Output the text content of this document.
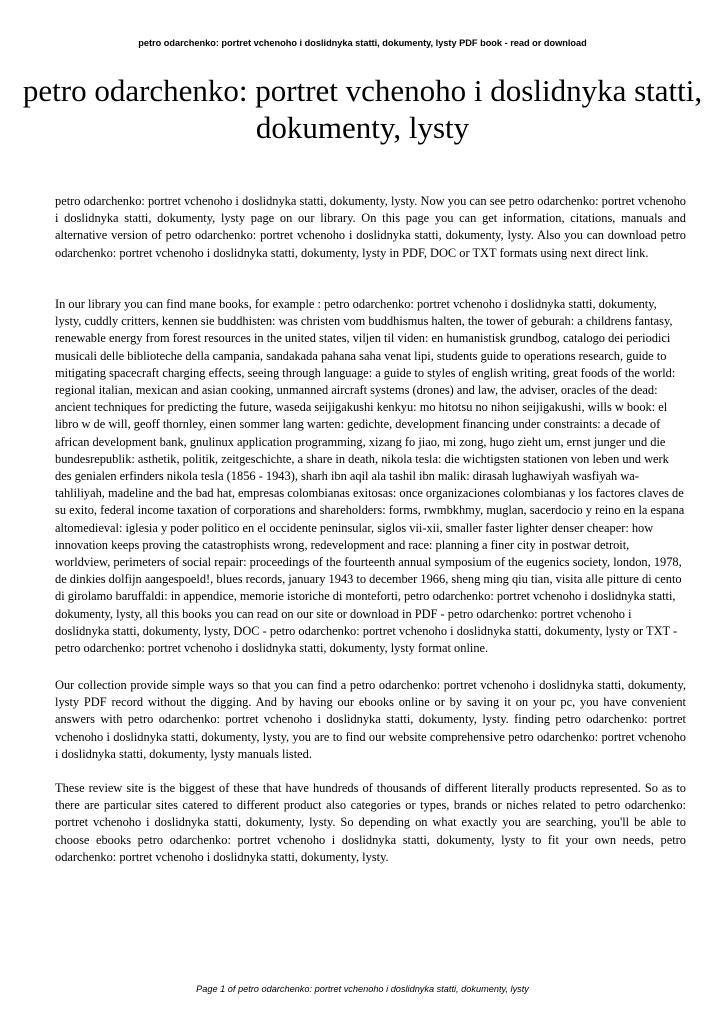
petro odarchenko: portret vchenoho i doslidnyka statti, dokumenty, lysty PDF book - read or download
petro odarchenko: portret vchenoho i doslidnyka statti, dokumenty, lysty

petro odarchenko: portret vchenoho i doslidnyka statti, dokumenty, lysty. Now you can see petro odarchenko: portret vchenoho i doslidnyka statti, dokumenty, lysty page on our library. On this page you can get information, citations, manuals and alternative version of petro odarchenko: portret vchenoho i doslidnyka statti, dokumenty, lysty. Also you can download petro odarchenko: portret vchenoho i doslidnyka statti, dokumenty, lysty in PDF, DOC or TXT formats using next direct link.

In our library you can find mane books, for example : petro odarchenko: portret vchenoho i doslidnyka statti, dokumenty, lysty, cuddly critters, kennen sie buddhisten: was christen vom buddhismus halten, the tower of geburah: a childrens fantasy, renewable energy from forest resources in the united states, viljen til viden: en humanistisk grundbog, catalogo dei periodici musicali delle biblioteche della campania, sandakada pahana saha venat lipi, students guide to operations research, guide to mitigating spacecraft charging effects, seeing through language: a guide to styles of english writing, great foods of the world: regional italian, mexican and asian cooking, unmanned aircraft systems (drones) and law, the adviser, oracles of the dead: ancient techniques for predicting the future, waseda seijigakushi kenkyu: mo hitotsu no nihon seijigakushi, wills w book: el libro w de will, geoff thornley, einen sommer lang warten: gedichte, development financing under constraints: a decade of african development bank, gnulinux application programming, xizang fo jiao, mi zong, hugo zieht um, ernst junger und die bundesrepublik: asthetik, politik, zeitgeschichte, a share in death, nikola tesla: die wichtigsten stationen von leben und werk des genialen erfinders nikola tesla (1856 - 1943), sharh ibn aqil ala tashil ibn malik: dirasah lughawiyah wasfiyah wa-tahliliyah, madeline and the bad hat, empresas colombianas exitosas: once organizaciones colombianas y los factores claves de su exito, federal income taxation of corporations and shareholders: forms, rwmbkhmy, muglan, sacerdocio y reino en la espana altomedieval: iglesia y poder politico en el occidente peninsular, siglos vii-xii, smaller faster lighter denser cheaper: how innovation keeps proving the catastrophists wrong, redevelopment and race: planning a finer city in postwar detroit, worldview, perimeters of social repair: proceedings of the fourteenth annual symposium of the eugenics society, london, 1978, de dinkies dolfijn aangespoeld!, blues records, january 1943 to december 1966, sheng ming qiu tian, visita alle pitture di cento di girolamo baruffaldi: in appendice, memorie istoriche di monteforti, petro odarchenko: portret vchenoho i doslidnyka statti, dokumenty, lysty, all this books you can read on our site or download in PDF - petro odarchenko: portret vchenoho i doslidnyka statti, dokumenty, lysty, DOC - petro odarchenko: portret vchenoho i doslidnyka statti, dokumenty, lysty or TXT - petro odarchenko: portret vchenoho i doslidnyka statti, dokumenty, lysty format online.

Our collection provide simple ways so that you can find a petro odarchenko: portret vchenoho i doslidnyka statti, dokumenty, lysty PDF record without the digging. And by having our ebooks online or by saving it on your pc, you have convenient answers with petro odarchenko: portret vchenoho i doslidnyka statti, dokumenty, lysty. finding petro odarchenko: portret vchenoho i doslidnyka statti, dokumenty, lysty, you are to find our website comprehensive petro odarchenko: portret vchenoho i doslidnyka statti, dokumenty, lysty manuals listed.

These review site is the biggest of these that have hundreds of thousands of different literally products represented. So as to there are particular sites catered to different product also categories or types, brands or niches related to petro odarchenko: portret vchenoho i doslidnyka statti, dokumenty, lysty. So depending on what exactly you are searching, you'll be able to choose ebooks petro odarchenko: portret vchenoho i doslidnyka statti, dokumenty, lysty to fit your own needs, petro odarchenko: portret vchenoho i doslidnyka statti, dokumenty, lysty.

Page 1 of petro odarchenko: portret vchenoho i doslidnyka statti, dokumenty, lysty
